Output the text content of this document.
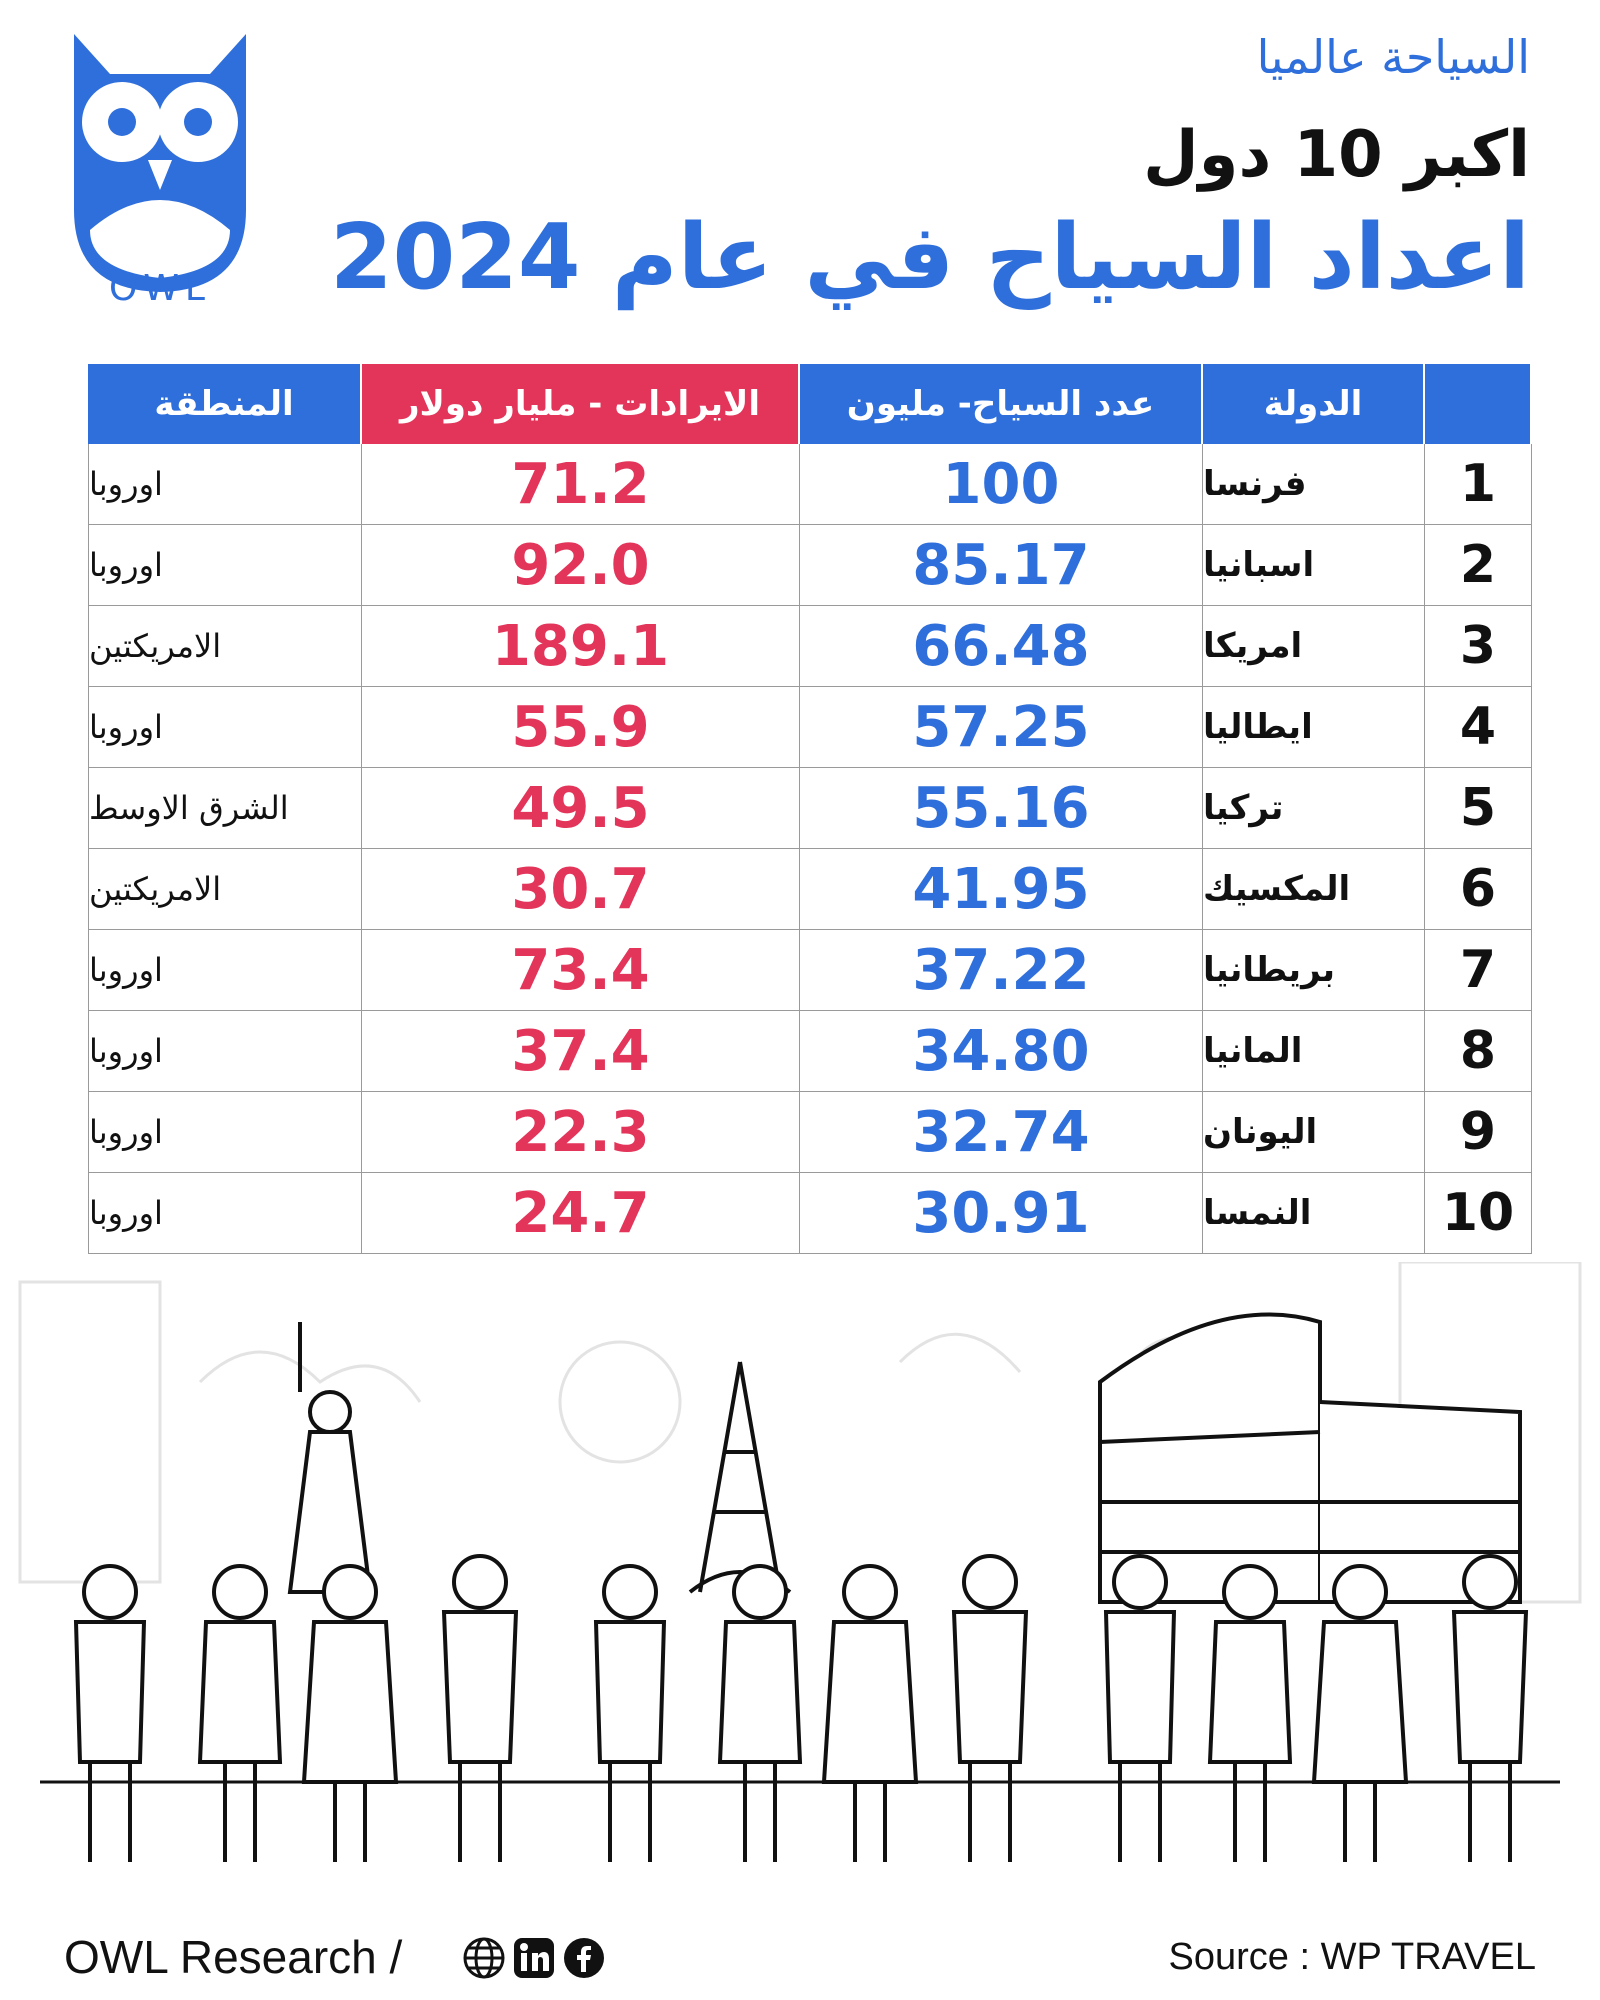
OWL
السياحة عالميا
اكبر 10 دول
اعداد السياح في عام 2024
المنطقة	الايرادات - مليار دولار	عدد السياح- مليون	الدولة
اوروبا	71.2	100	فرنسا	1
اوروبا	92.0	85.17	اسبانيا	2
الامريكتين	189.1	66.48	امريكا	3
اوروبا	55.9	57.25	ايطاليا	4
الشرق الاوسط	49.5	55.16	تركيا	5
الامريكتين	30.7	41.95	المكسيك	6
اوروبا	73.4	37.22	بريطانيا	7
اوروبا	37.4	34.80	المانيا	8
اوروبا	22.3	32.74	اليونان	9
اوروبا	24.7	30.91	النمسا	10
OWL Research /	Source : WP TRAVEL
